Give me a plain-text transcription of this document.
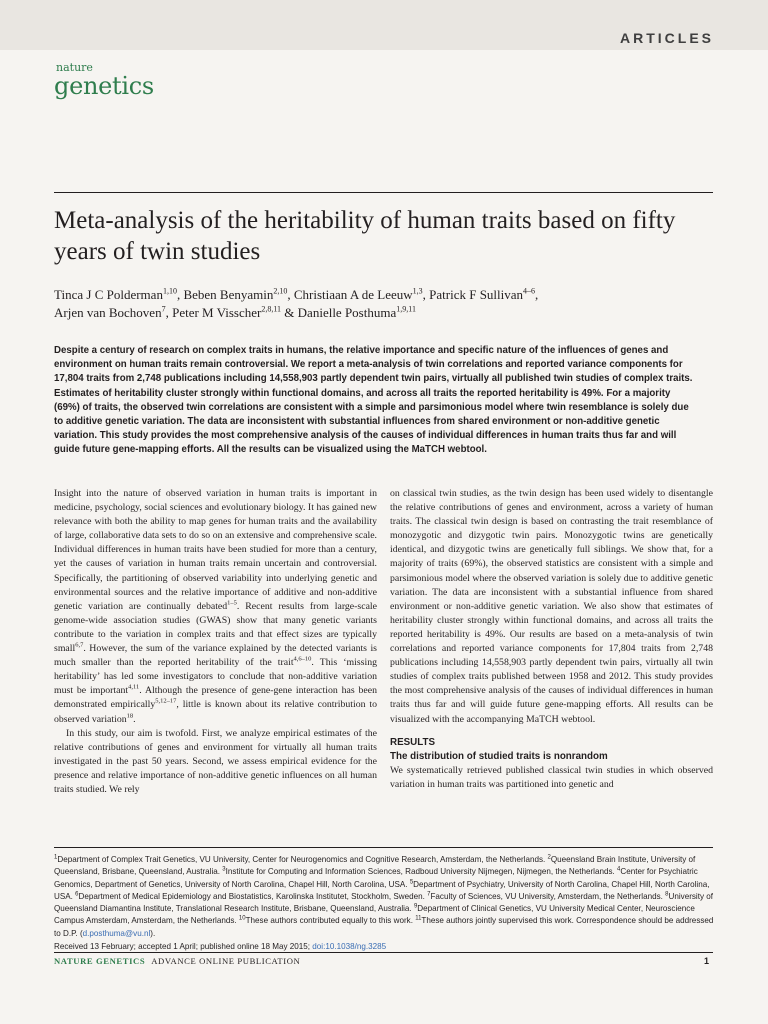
ARTICLES
nature
genetics
Meta-analysis of the heritability of human traits based on fifty years of twin studies
Tinca J C Polderman$^{1,10}$, Beben Benyamin$^{2,10}$, Christiaan A de Leeuw$^{1,3}$, Patrick F Sullivan$^{4-6}$,
Arjen van Bochoven$^7$, Peter M Visscher$^{2,8,11}$ & Danielle Posthuma$^{1,9,11}$

Despite a century of research on complex traits in humans, the relative importance and specific nature of the influences of genes and environment on human traits remain controversial. We report a meta-analysis of twin correlations and reported variance components for 17,804 traits from 2,748 publications including 14,558,903 partly dependent twin pairs, virtually all published twin studies of complex traits. Estimates of heritability cluster strongly within functional domains, and across all traits the reported heritability is 49%. For a majority (69%) of traits, the observed twin correlations are consistent with a simple and parsimonious model where twin resemblance is solely due to additive genetic variation. The data are inconsistent with substantial influences from shared environment or non-additive genetic variation. This study provides the most comprehensive analysis of the causes of individual differences in human traits thus far and will guide future gene-mapping efforts. All the results can be visualized using the MaTCH webtool.

Insight into the nature of observed variation in human traits is important in medicine, psychology, social sciences and evolutionary biology. It has gained new relevance with both the ability to map genes for human traits and the availability of large, collaborative data sets to do so on an extensive and comprehensive scale. Individual differences in human traits have been studied for more than a century, yet the causes of variation in human traits remain uncertain and controversial. Specifically, the partitioning of observed variability into underlying genetic and environmental sources and the relative importance of additive and non-additive genetic variation are continually debated$^{1-5}$. Recent results from large-scale genome-wide association studies (GWAS) show that many genetic variants contribute to the variation in complex traits and that effect sizes are typically small$^{6,7}$. However, the sum of the variance explained by the detected variants is much smaller than the reported heritability of the trait$^{4,6-10}$. This ‘missing heritability’ has led some investigators to conclude that non-additive variation must be important$^{4,11}$. Although the presence of gene-gene interaction has been demonstrated empirically$^{5,12-17}$, little is known about its relative contribution to observed variation$^{18}$.

In this study, our aim is twofold. First, we analyze empirical estimates of the relative contributions of genes and environment for virtually all human traits investigated in the past 50 years. Second, we assess empirical evidence for the presence and relative importance of non-additive genetic influences on all human traits studied. We rely

on classical twin studies, as the twin design has been used widely to disentangle the relative contributions of genes and environment, across a variety of human traits. The classical twin design is based on contrasting the trait resemblance of monozygotic and dizygotic twin pairs. Monozygotic twins are genetically identical, and dizygotic twins are genetically full siblings. We show that, for a majority of traits (69%), the observed statistics are consistent with a simple and parsimonious model where the observed variation is solely due to additive genetic variation. The data are inconsistent with a substantial influence from shared environment or non-additive genetic variation. We also show that estimates of heritability cluster strongly within functional domains, and across all traits the reported heritability is 49%. Our results are based on a meta-analysis of twin correlations and reported variance components for 17,804 traits from 2,748 publications including 14,558,903 partly dependent twin pairs, virtually all twin studies of complex traits published between 1958 and 2012. This study provides the most comprehensive analysis of the causes of individual differences in human traits thus far and will guide future gene-mapping efforts. All results can be visualized with the accompanying MaTCH webtool.

RESULTS
The distribution of studied traits is nonrandom

We systematically retrieved published classical twin studies in which observed variation in human traits was partitioned into genetic and

$^1$Department of Complex Trait Genetics, VU University, Center for Neurogenomics and Cognitive Research, Amsterdam, the Netherlands. $^2$Queensland Brain Institute, University of Queensland, Brisbane, Queensland, Australia. $^3$Institute for Computing and Information Sciences, Radboud University Nijmegen, Nijmegen, the Netherlands. $^4$Center for Psychiatric Genomics, Department of Genetics, University of North Carolina, Chapel Hill, North Carolina, USA. $^5$Department of Psychiatry, University of North Carolina, Chapel Hill, North Carolina, USA. $^6$Department of Medical Epidemiology and Biostatistics, Karolinska Institutet, Stockholm, Sweden. $^7$Faculty of Sciences, VU University, Amsterdam, the Netherlands. $^8$University of Queensland Diamantina Institute, Translational Research Institute, Brisbane, Queensland, Australia. $^9$Department of Clinical Genetics, VU University Medical Center, Neuroscience Campus Amsterdam, Amsterdam, the Netherlands. $^{10}$These authors contributed equally to this work. $^{11}$These authors jointly supervised this work. Correspondence should be addressed to D.P. (d.posthuma@vu.nl).
Received 13 February; accepted 1 April; published online 18 May 2015; doi:10.1038/ng.3285
NATURE GENETICS ADVANCE ONLINE PUBLICATION	1
